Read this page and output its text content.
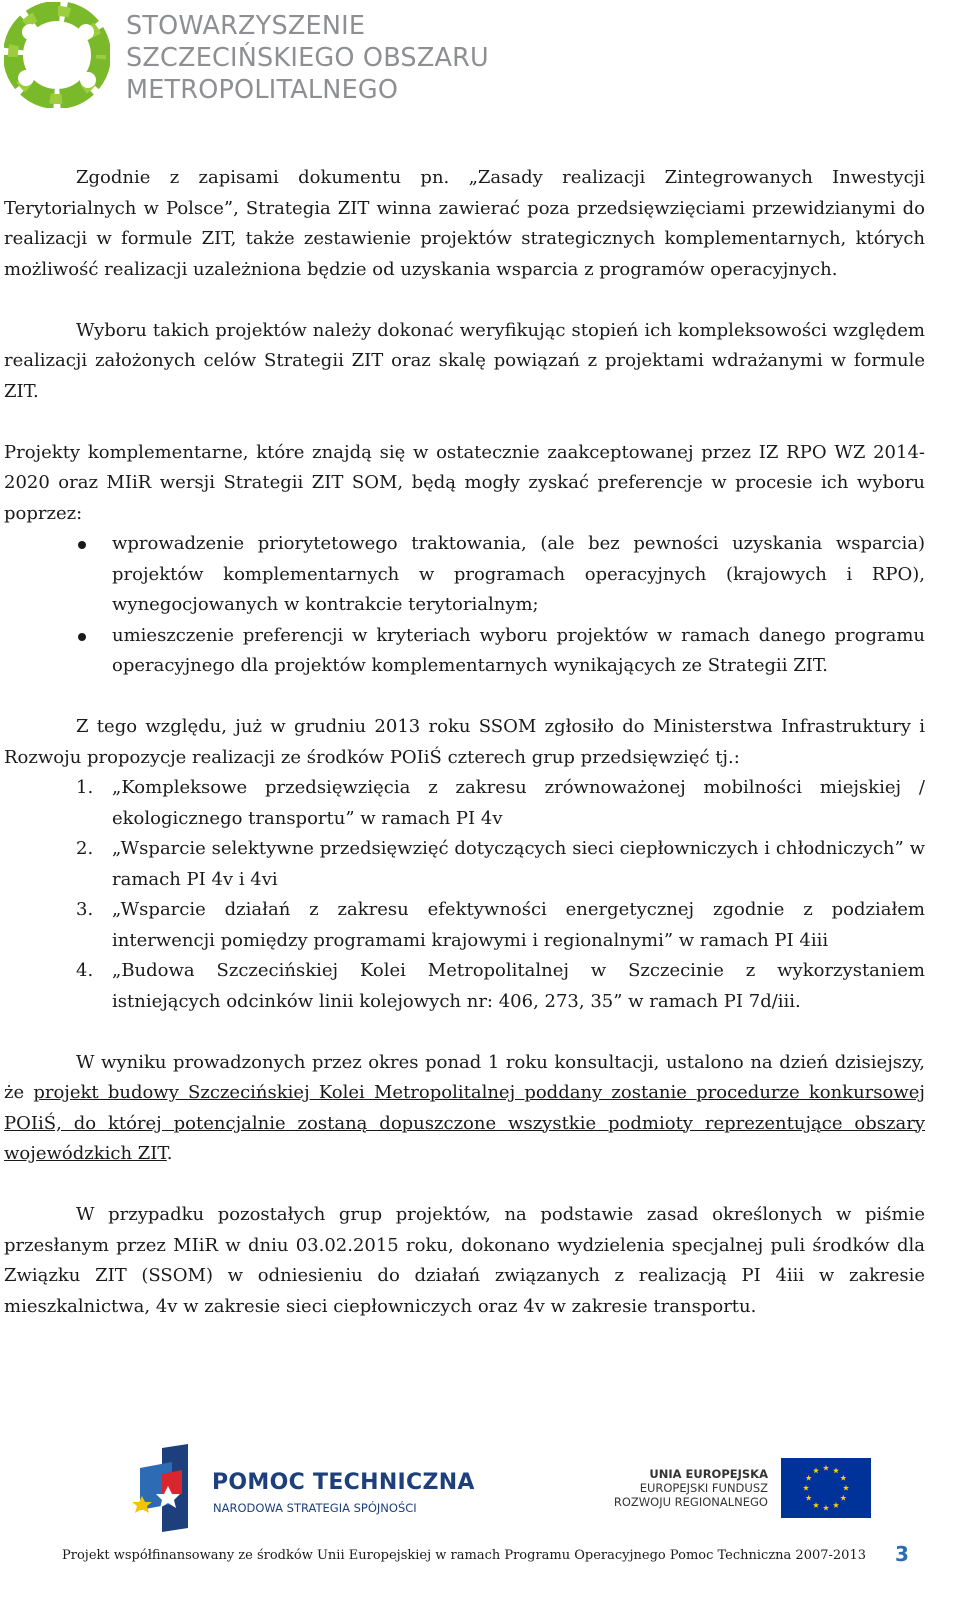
STOWARZYSZENIE
SZCZECIŃSKIEGO OBSZARU
METROPOLITALNEGO

Zgodnie z zapisami dokumentu pn. „Zasady realizacji Zintegrowanych Inwestycji Terytorialnych w Polsce”, Strategia ZIT winna zawierać poza przedsięwzięciami przewidzianymi do realizacji w formule ZIT, także zestawienie projektów strategicznych komplementarnych, których możliwość realizacji uzależniona będzie od uzyskania wsparcia z programów operacyjnych.

Wyboru takich projektów należy dokonać weryfikując stopień ich kompleksowości względem realizacji założonych celów Strategii ZIT oraz skalę powiązań z projektami wdrażanymi w formule ZIT.

Projekty komplementarne, które znajdą się w ostatecznie zaakceptowanej przez IZ RPO WZ 2014-2020 oraz MIiR wersji Strategii ZIT SOM, będą mogły zyskać preferencje w procesie ich wyboru poprzez:

wprowadzenie priorytetowego traktowania, (ale bez pewności uzyskania wsparcia) projektów komplementarnych w programach operacyjnych (krajowych i RPO), wynegocjowanych w kontrakcie terytorialnym;
umieszczenie preferencji w kryteriach wyboru projektów w ramach danego programu operacyjnego dla projektów komplementarnych wynikających ze Strategii ZIT.

Z tego względu, już w grudniu 2013 roku SSOM zgłosiło do Ministerstwa Infrastruktury i Rozwoju propozycje realizacji ze środków POIiŚ czterech grup przedsięwzięć tj.:

1. „Kompleksowe przedsięwzięcia z zakresu zrównoważonej mobilności miejskiej / ekologicznego transportu” w ramach PI 4v
2. „Wsparcie selektywne przedsięwzięć dotyczących sieci ciepłowniczych i chłodniczych” w ramach PI 4v i 4vi
3. „Wsparcie działań z zakresu efektywności energetycznej zgodnie z podziałem interwencji pomiędzy programami krajowymi i regionalnymi” w ramach PI 4iii
4. „Budowa Szczecińskiej Kolei Metropolitalnej w Szczecinie z wykorzystaniem istniejących odcinków linii kolejowych nr: 406, 273, 35” w ramach PI 7d/iii.

W wyniku prowadzonych przez okres ponad 1 roku konsultacji, ustalono na dzień dzisiejszy, że projekt budowy Szczecińskiej Kolei Metropolitalnej poddany zostanie procedurze konkursowej POIiŚ, do której potencjalnie zostaną dopuszczone wszystkie podmioty reprezentujące obszary wojewódzkich ZIT.

W przypadku pozostałych grup projektów, na podstawie zasad określonych w piśmie przesłanym przez MIiR w dniu 03.02.2015 roku, dokonano wydzielenia specjalnej puli środków dla Związku ZIT (SSOM) w odniesieniu do działań związanych z realizacją PI 4iii w zakresie mieszkalnictwa, 4v w zakresie sieci ciepłowniczych oraz 4v w zakresie transportu.

POMOC TECHNICZNA
NARODOWA STRATEGIA SPÓJNOŚCI
UNIA EUROPEJSKA
EUROPEJSKI FUNDUSZ
ROZWOJU REGIONALNEGO
Projekt współfinansowany ze środków Unii Europejskiej w ramach Programu Operacyjnego Pomoc Techniczna 2007-2013 3
